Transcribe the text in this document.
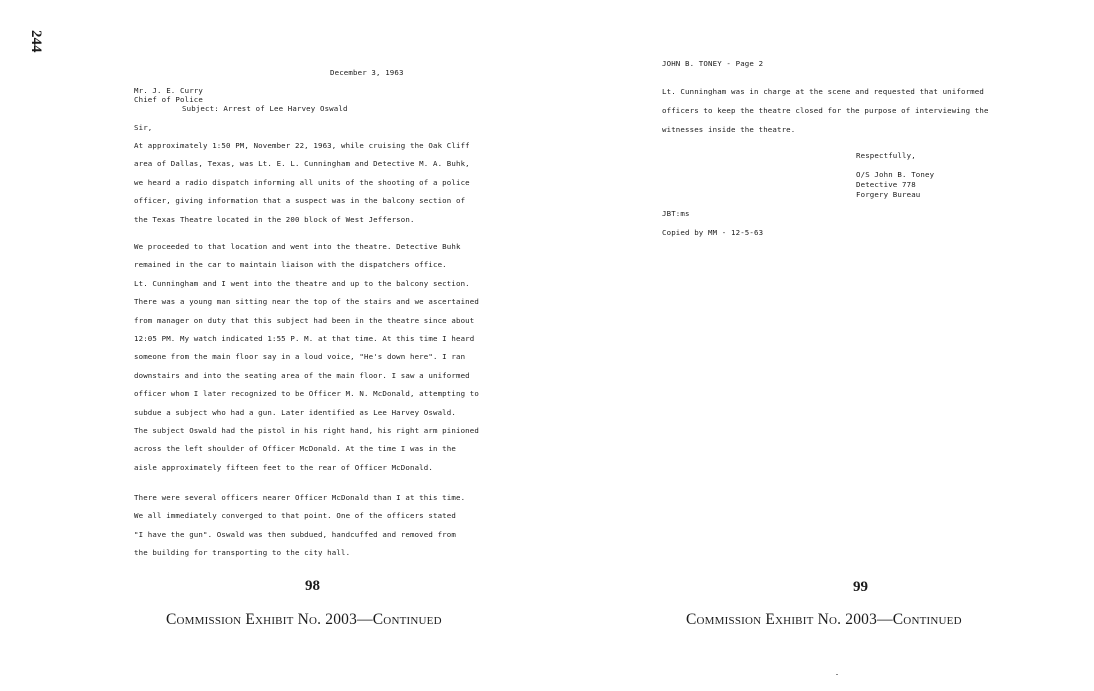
244
December 3, 1963
Mr. J. E. Curry
Chief of Police
Subject: Arrest of Lee Harvey Oswald
Sir,
At approximately 1:50 PM, November 22, 1963, while cruising the Oak Cliff
area of Dallas, Texas, was Lt. E. L. Cunningham and Detective M. A. Buhk,
we heard a radio dispatch informing all units of the shooting of a police
officer, giving information that a suspect was in the balcony section of
the Texas Theatre located in the 200 block of West Jefferson.
We proceeded to that location and went into the theatre. Detective Buhk
remained in the car to maintain liaison with the dispatchers office.
Lt. Cunningham and I went into the theatre and up to the balcony section.
There was a young man sitting near the top of the stairs and we ascertained
from manager on duty that this subject had been in the theatre since about
12:05 PM. My watch indicated 1:55 P. M. at that time. At this time I heard
someone from the main floor say in a loud voice, "He's down here". I ran
downstairs and into the seating area of the main floor. I saw a uniformed
officer whom I later recognized to be Officer M. N. McDonald, attempting to
subdue a subject who had a gun. Later identified as Lee Harvey Oswald.
The subject Oswald had the pistol in his right hand, his right arm pinioned
across the left shoulder of Officer McDonald. At the time I was in the
aisle approximately fifteen feet to the rear of Officer McDonald.
There were several officers nearer Officer McDonald than I at this time.
We all immediately converged to that point. One of the officers stated
"I have the gun". Oswald was then subdued, handcuffed and removed from
the building for transporting to the city hall.
98
Commission Exhibit No. 2003—Continued
JOHN B. TONEY - Page 2
Lt. Cunningham was in charge at the scene and requested that uniformed
officers to keep the theatre closed for the purpose of interviewing the
witnesses inside the theatre.
Respectfully,
O/S John B. Toney
Detective 778
Forgery Bureau
JBT:ms
Copied by MM - 12-5-63
99
Commission Exhibit No. 2003—Continued
